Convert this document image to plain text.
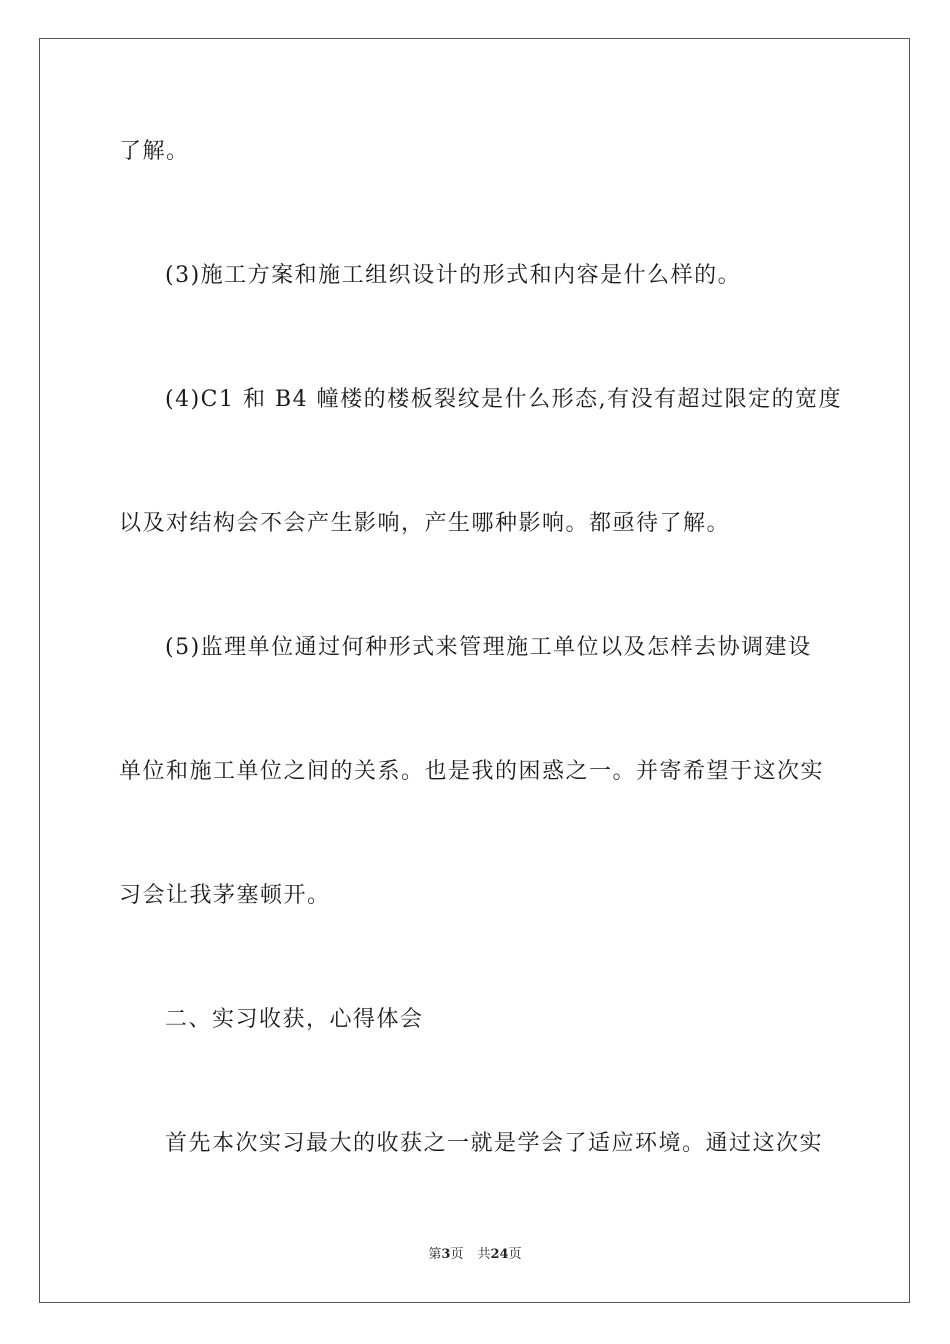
了解。
(3)施工方案和施工组织设计的形式和内容是什么样的。
(4)C1 和 B4 幢楼的楼板裂纹是什么形态,有没有超过限定的宽度
以及对结构会不会产生影响，产生哪种影响。都亟待了解。
(5)监理单位通过何种形式来管理施工单位以及怎样去协调建设
单位和施工单位之间的关系。也是我的困惑之一。并寄希望于这次实
习会让我茅塞顿开。
二、实习收获，心得体会
首先本次实习最大的收获之一就是学会了适应环境。通过这次实
第3页 共24页
